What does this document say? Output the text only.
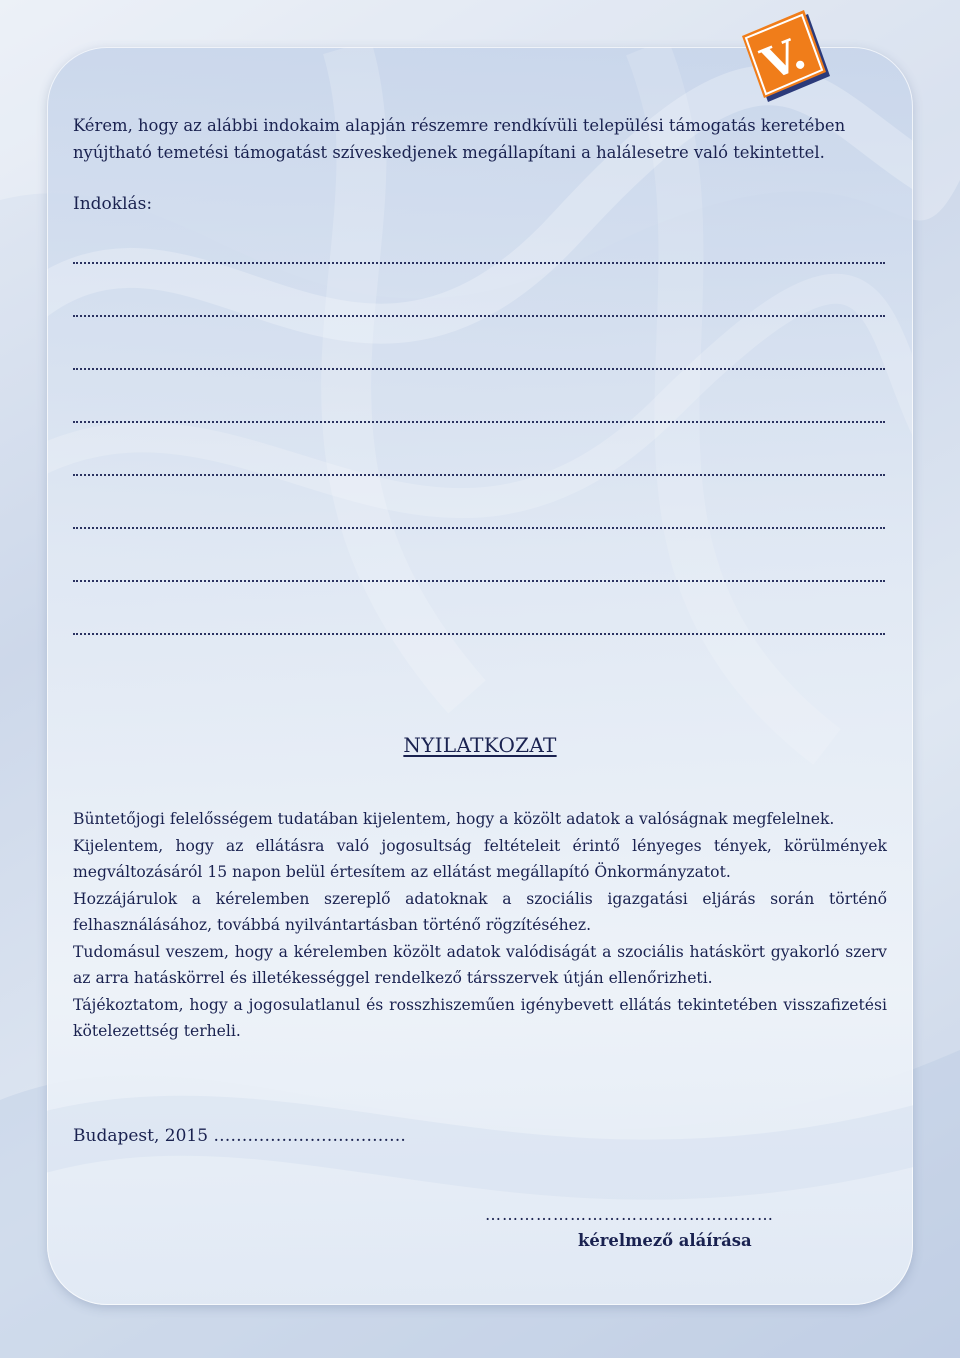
Kérem, hogy az alábbi indokaim alapján részemre rendkívüli települési támogatás keretében nyújtható temetési támogatást szíveskedjenek megállapítani a halálesetre való tekintettel.

Indoklás:
NYILATKOZAT

Büntetőjogi felelősségem tudatában kijelentem, hogy a közölt adatok a valóságnak megfelelnek.

Kijelentem, hogy az ellátásra való jogosultság feltételeit érintő lényeges tények, körülmények megváltozásáról 15 napon belül értesítem az ellátást megállapító Önkormányzatot.

Hozzájárulok a kérelemben szereplő adatoknak a szociális igazgatási eljárás során történő felhasználásához, továbbá nyilvántartásban történő rögzítéséhez.

Tudomásul veszem, hogy a kérelemben közölt adatok valódiságát a szociális hatáskört gyakorló szerv az arra hatáskörrel és illetékességgel rendelkező társszervek útján ellenőrizheti.

Tájékoztatom, hogy a jogosulatlanul és rosszhiszeműen igénybevett ellátás tekintetében visszafizetési kötelezettség terheli.

Budapest, 2015 …………………………….

……………………………………………

kérelmező aláírása

V.
